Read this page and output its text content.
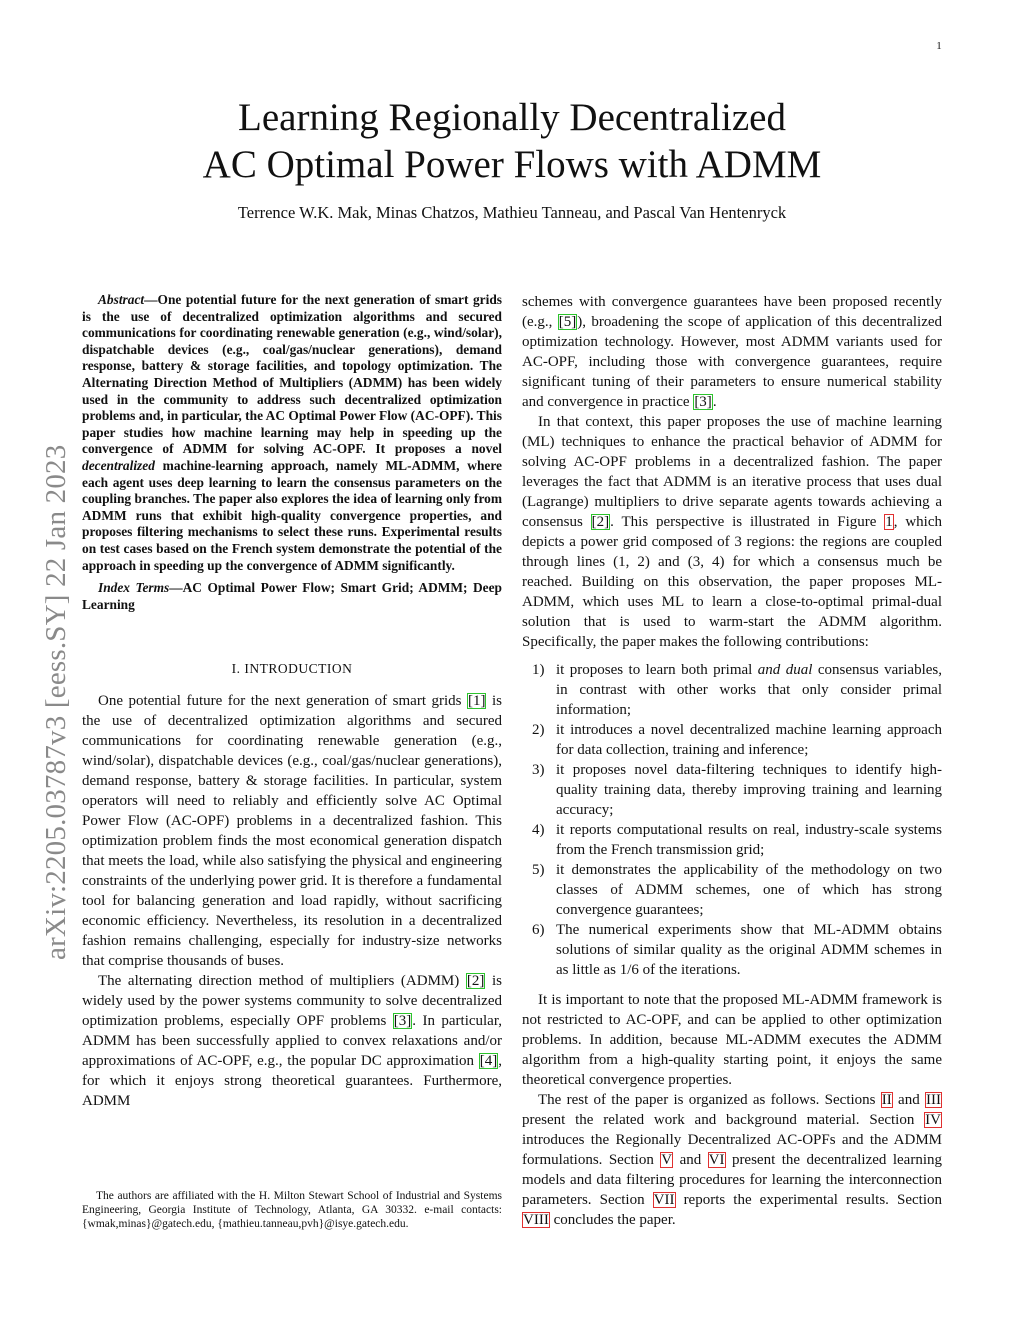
1
arXiv:2205.03787v3 [eess.SY] 22 Jan 2023
Learning Regionally Decentralized
AC Optimal Power Flows with ADMM
Terrence W.K. Mak, Minas Chatzos, Mathieu Tanneau, and Pascal Van Hentenryck
Abstract—One potential future for the next generation of smart grids is the use of decentralized optimization algorithms and secured communications for coordinating renewable generation (e.g., wind/solar), dispatchable devices (e.g., coal/gas/nuclear generations), demand response, battery & storage facilities, and topology optimization. The Alternating Direction Method of Multipliers (ADMM) has been widely used in the community to address such decentralized optimization problems and, in particular, the AC Optimal Power Flow (AC-OPF). This paper studies how machine learning may help in speeding up the convergence of ADMM for solving AC-OPF. It proposes a novel decentralized machine-learning approach, namely ML-ADMM, where each agent uses deep learning to learn the consensus parameters on the coupling branches. The paper also explores the idea of learning only from ADMM runs that exhibit high-quality convergence properties, and proposes filtering mechanisms to select these runs. Experimental results on test cases based on the French system demonstrate the potential of the approach in speeding up the convergence of ADMM significantly.
Index Terms—AC Optimal Power Flow; Smart Grid; ADMM; Deep Learning
I. INTRODUCTION

One potential future for the next generation of smart grids [1] is the use of decentralized optimization algorithms and secured communications for coordinating renewable generation (e.g., wind/solar), dispatchable devices (e.g., coal/gas/nuclear generations), demand response, battery & storage facilities. In particular, system operators will need to reliably and efficiently solve AC Optimal Power Flow (AC-OPF) problems in a decentralized fashion. This optimization problem finds the most economical generation dispatch that meets the load, while also satisfying the physical and engineering constraints of the underlying power grid. It is therefore a fundamental tool for balancing generation and load rapidly, without sacrificing economic efficiency. Nevertheless, its resolution in a decentralized fashion remains challenging, especially for industry-size networks that comprise thousands of buses.

The alternating direction method of multipliers (ADMM) [2] is widely used by the power systems community to solve decentralized optimization problems, especially OPF problems [3]. In particular, ADMM has been successfully applied to convex relaxations and/or approximations of AC-OPF, e.g., the popular DC approximation [4], for which it enjoys strong theoretical guarantees. Furthermore, ADMM

The authors are affiliated with the H. Milton Stewart School of Industrial and Systems Engineering, Georgia Institute of Technology, Atlanta, GA 30332. e-mail contacts: {wmak,minas}@gatech.edu, {mathieu.tanneau,pvh}@isye.gatech.edu.

schemes with convergence guarantees have been proposed recently (e.g., [5]), broadening the scope of application of this decentralized optimization technology. However, most ADMM variants used for AC-OPF, including those with convergence guarantees, require significant tuning of their parameters to ensure numerical stability and convergence in practice [3].

In that context, this paper proposes the use of machine learning (ML) techniques to enhance the practical behavior of ADMM for solving AC-OPF problems in a decentralized fashion. The paper leverages the fact that ADMM is an iterative process that uses dual (Lagrange) multipliers to drive separate agents towards achieving a consensus [2]. This perspective is illustrated in Figure 1, which depicts a power grid composed of 3 regions: the regions are coupled through lines (1, 2) and (3, 4) for which a consensus much be reached. Building on this observation, the paper proposes ML-ADMM, which uses ML to learn a close-to-optimal primal-dual solution that is used to warm-start the ADMM algorithm. Specifically, the paper makes the following contributions:

1) it proposes to learn both primal and dual consensus variables, in contrast with other works that only consider primal information;
2) it introduces a novel decentralized machine learning approach for data collection, training and inference;
3) it proposes novel data-filtering techniques to identify high-quality training data, thereby improving training and learning accuracy;
4) it reports computational results on real, industry-scale systems from the French transmission grid;
5) it demonstrates the applicability of the methodology on two classes of ADMM schemes, one of which has strong convergence guarantees;
6) The numerical experiments show that ML-ADMM obtains solutions of similar quality as the original ADMM schemes in as little as 1/6 of the iterations.

It is important to note that the proposed ML-ADMM framework is not restricted to AC-OPF, and can be applied to other optimization problems. In addition, because ML-ADMM executes the ADMM algorithm from a high-quality starting point, it enjoys the same theoretical convergence properties.

The rest of the paper is organized as follows. Sections II and III present the related work and background material. Section IV introduces the Regionally Decentralized AC-OPFs and the ADMM formulations. Section V and VI present the decentralized learning models and data filtering procedures for learning the interconnection parameters. Section VII reports the experimental results. Section VIII concludes the paper.
